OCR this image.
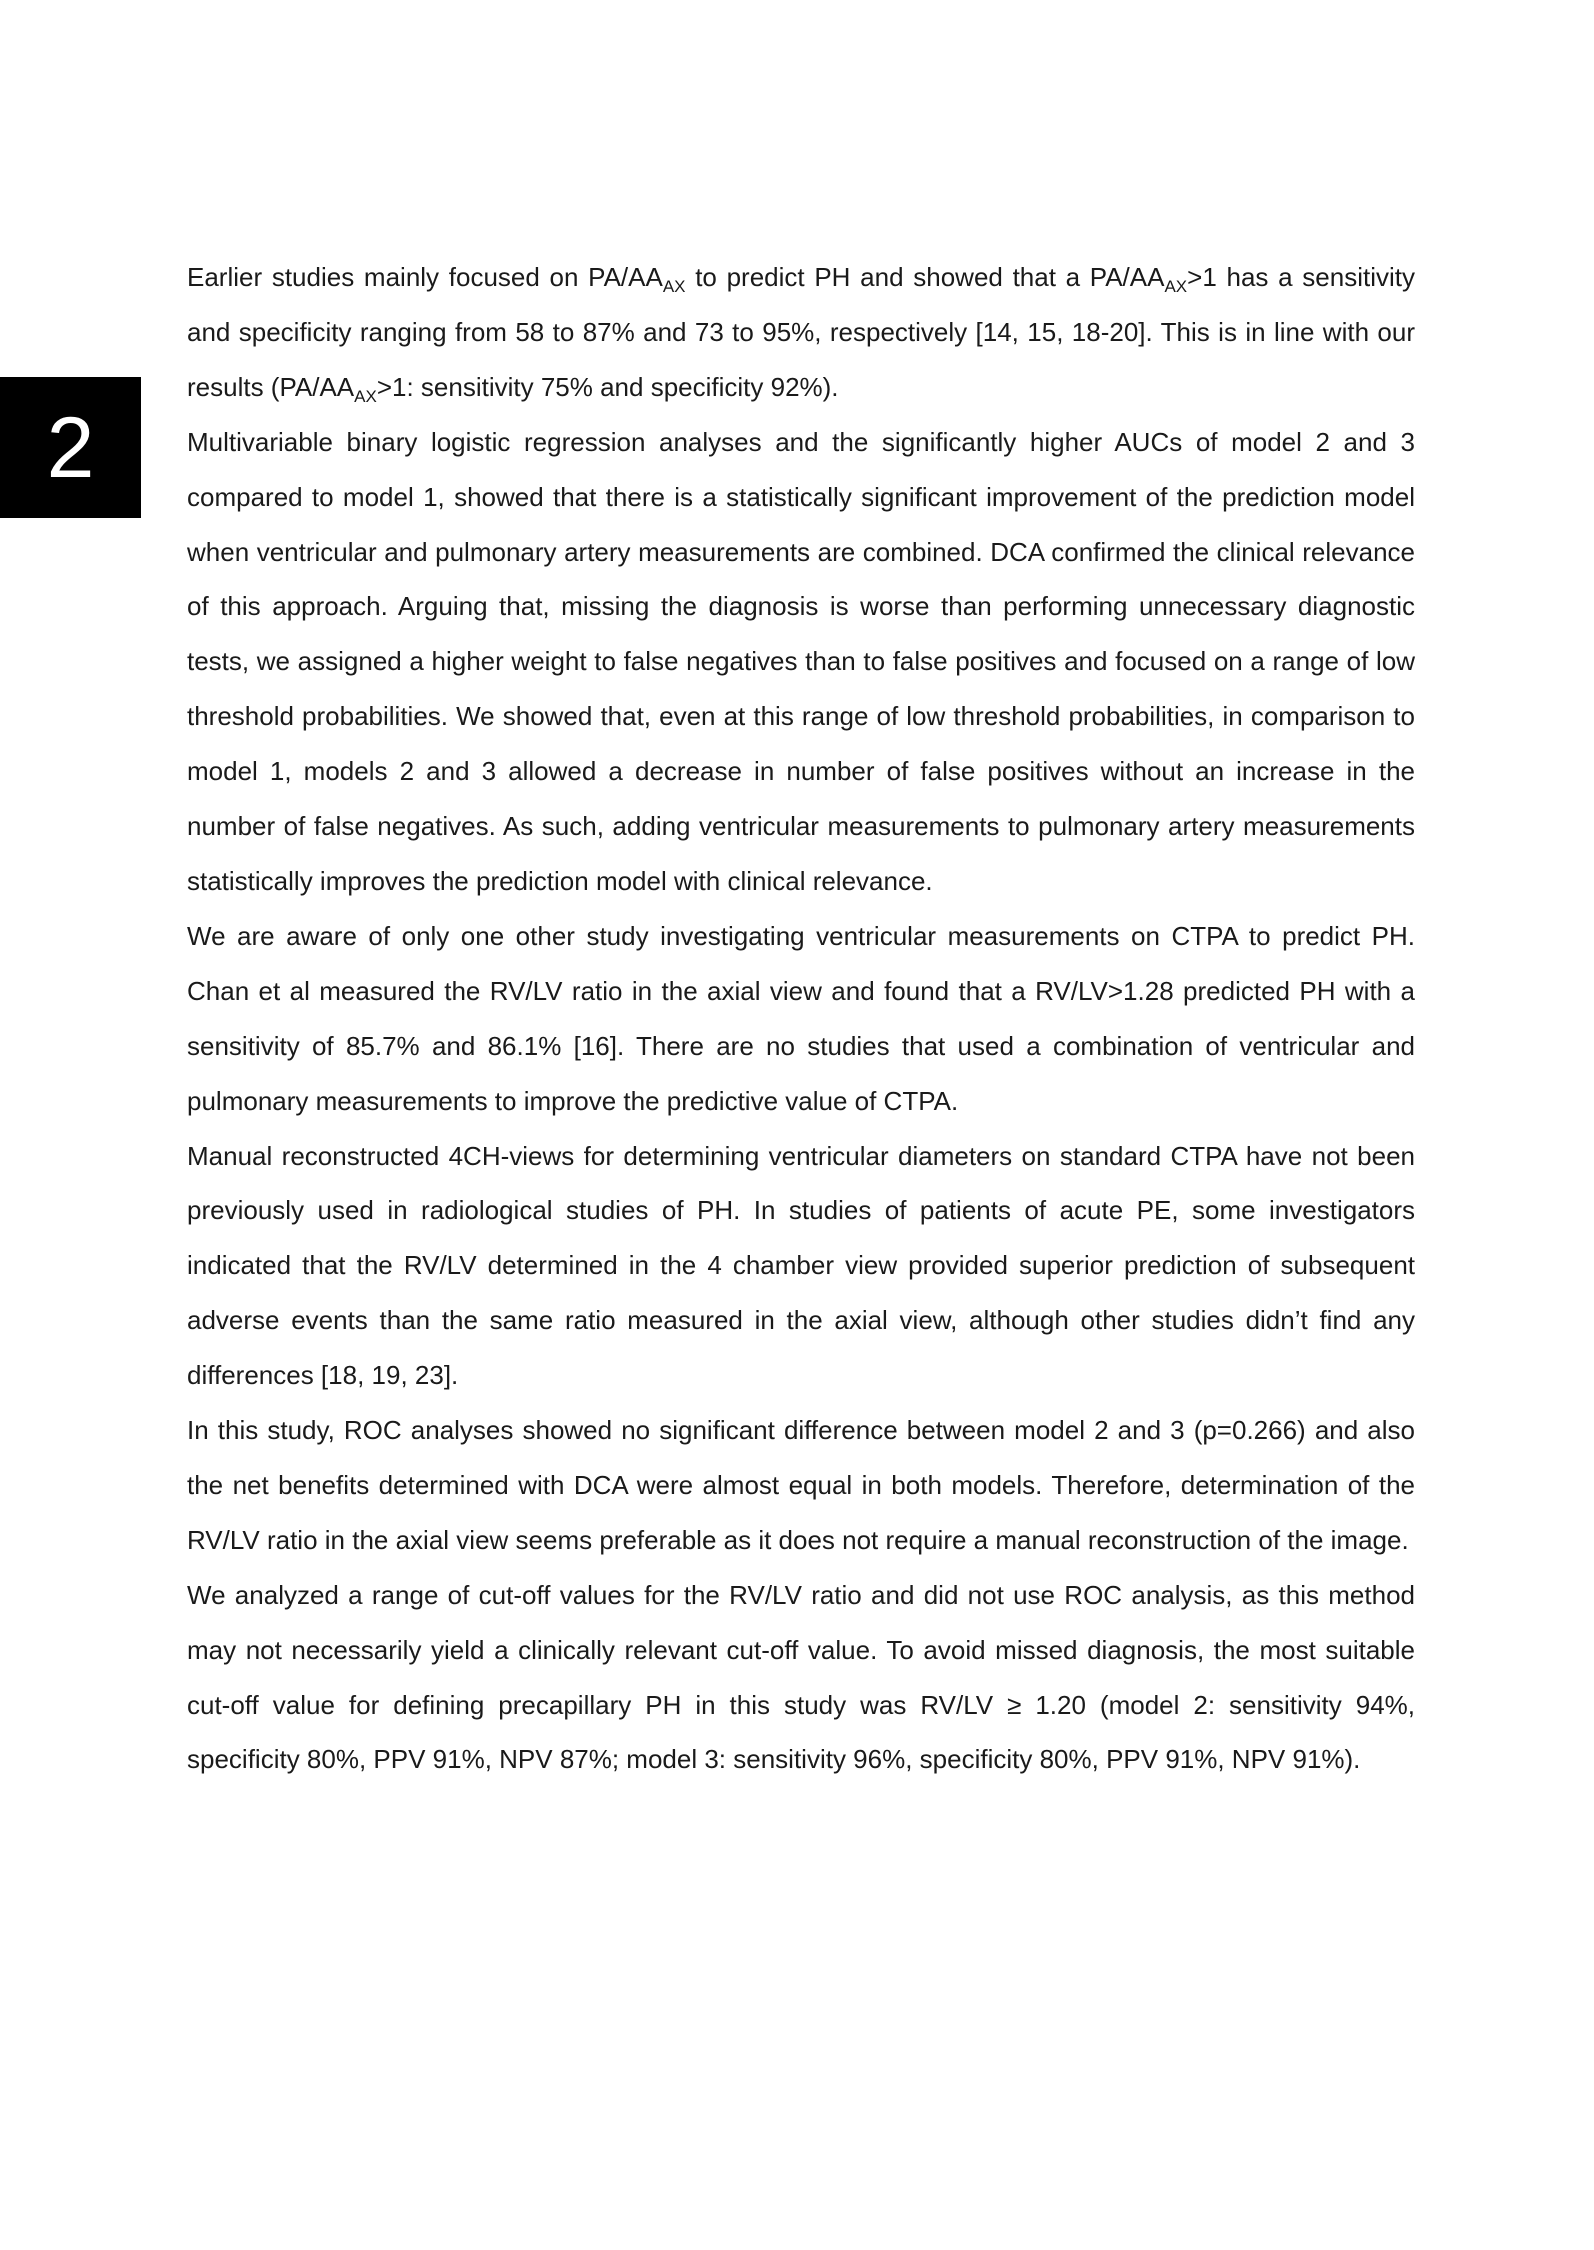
2

Earlier studies mainly focused on $PA/AA_{AX}$ to predict PH and showed that a $PA/AA_{AX}>1$ has a sensitivity and specificity ranging from 58 to 87% and 73 to 95%, respectively [14, 15, 18-20]. This is in line with our results ($PA/AA_{AX}>1$: sensitivity 75% and specificity 92%).

Multivariable binary logistic regression analyses and the significantly higher AUCs of model 2 and 3 compared to model 1, showed that there is a statistically significant improvement of the prediction model when ventricular and pulmonary artery measurements are combined. DCA confirmed the clinical relevance of this approach. Arguing that, missing the diagnosis is worse than performing unnecessary diagnostic tests, we assigned a higher weight to false negatives than to false positives and focused on a range of low threshold probabilities. We showed that, even at this range of low threshold probabilities, in comparison to model 1, models 2 and 3 allowed a decrease in number of false positives without an increase in the number of false negatives. As such, adding ventricular measurements to pulmonary artery measurements statistically improves the prediction model with clinical relevance.

We are aware of only one other study investigating ventricular measurements on CTPA to predict PH. Chan et al measured the RV/LV ratio in the axial view and found that a RV/LV>1.28 predicted PH with a sensitivity of 85.7% and 86.1% [16]. There are no studies that used a combination of ventricular and pulmonary measurements to improve the predictive value of CTPA.

Manual reconstructed 4CH-views for determining ventricular diameters on standard CTPA have not been previously used in radiological studies of PH. In studies of patients of acute PE, some investigators indicated that the RV/LV determined in the 4 chamber view provided superior prediction of subsequent adverse events than the same ratio measured in the axial view, although other studies didn’t find any differences [18, 19, 23].

In this study, ROC analyses showed no significant difference between model 2 and 3 (p=0.266) and also the net benefits determined with DCA were almost equal in both models. Therefore, determination of the RV/LV ratio in the axial view seems preferable as it does not require a manual reconstruction of the image.

We analyzed a range of cut-off values for the RV/LV ratio and did not use ROC analysis, as this method may not necessarily yield a clinically relevant cut-off value. To avoid missed diagnosis, the most suitable cut-off value for defining precapillary PH in this study was RV/LV ≥ 1.20 (model 2: sensitivity 94%, specificity 80%, PPV 91%, NPV 87%; model 3: sensitivity 96%, specificity 80%, PPV 91%, NPV 91%).
